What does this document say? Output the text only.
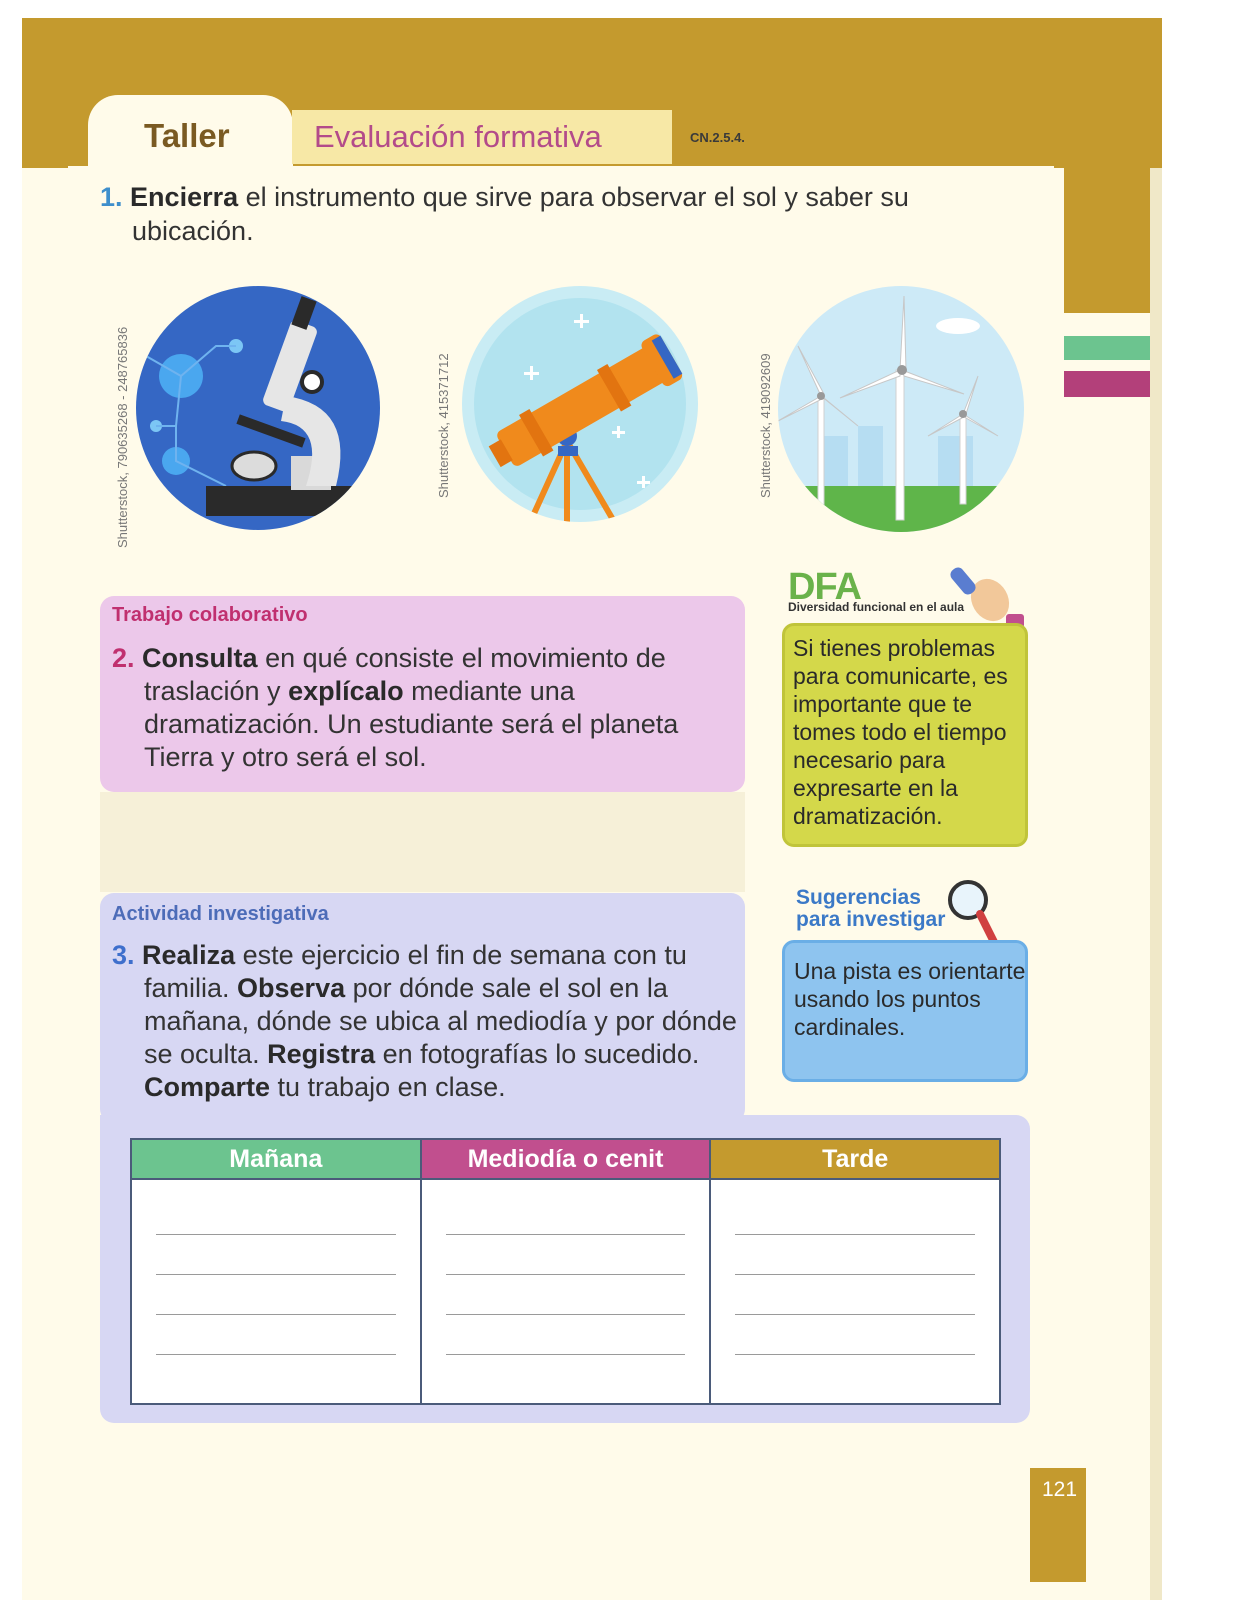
Taller	Evaluación formativa	CN.2.5.4.
1. Encierra el instrumento que sirve para observar el sol y saber su ubicación.
Shutterstock, 790635268 - 248765836	Shutterstock, 415371712	Shutterstock, 419092609
Trabajo colaborativo
2. Consulta en qué consiste el movimiento de traslación y explícalo mediante una dramatización. Un estudiante será el planeta Tierra y otro será el sol.
DFA
Diversidad funcional en el aula
Si tienes problemas para comunicarte, es importante que te tomes todo el tiempo necesario para expresarte en la dramatización.
Actividad investigativa
3. Realiza este ejercicio el fin de semana con tu familia. Observa por dónde sale el sol en la mañana, dónde se ubica al mediodía y por dónde se oculta. Registra en fotografías lo sucedido. Comparte tu trabajo en clase.
Sugerencias
para investigar
Una pista es orientarte usando los puntos cardinales.
Mañana	Mediodía o cenit	Tarde
121
